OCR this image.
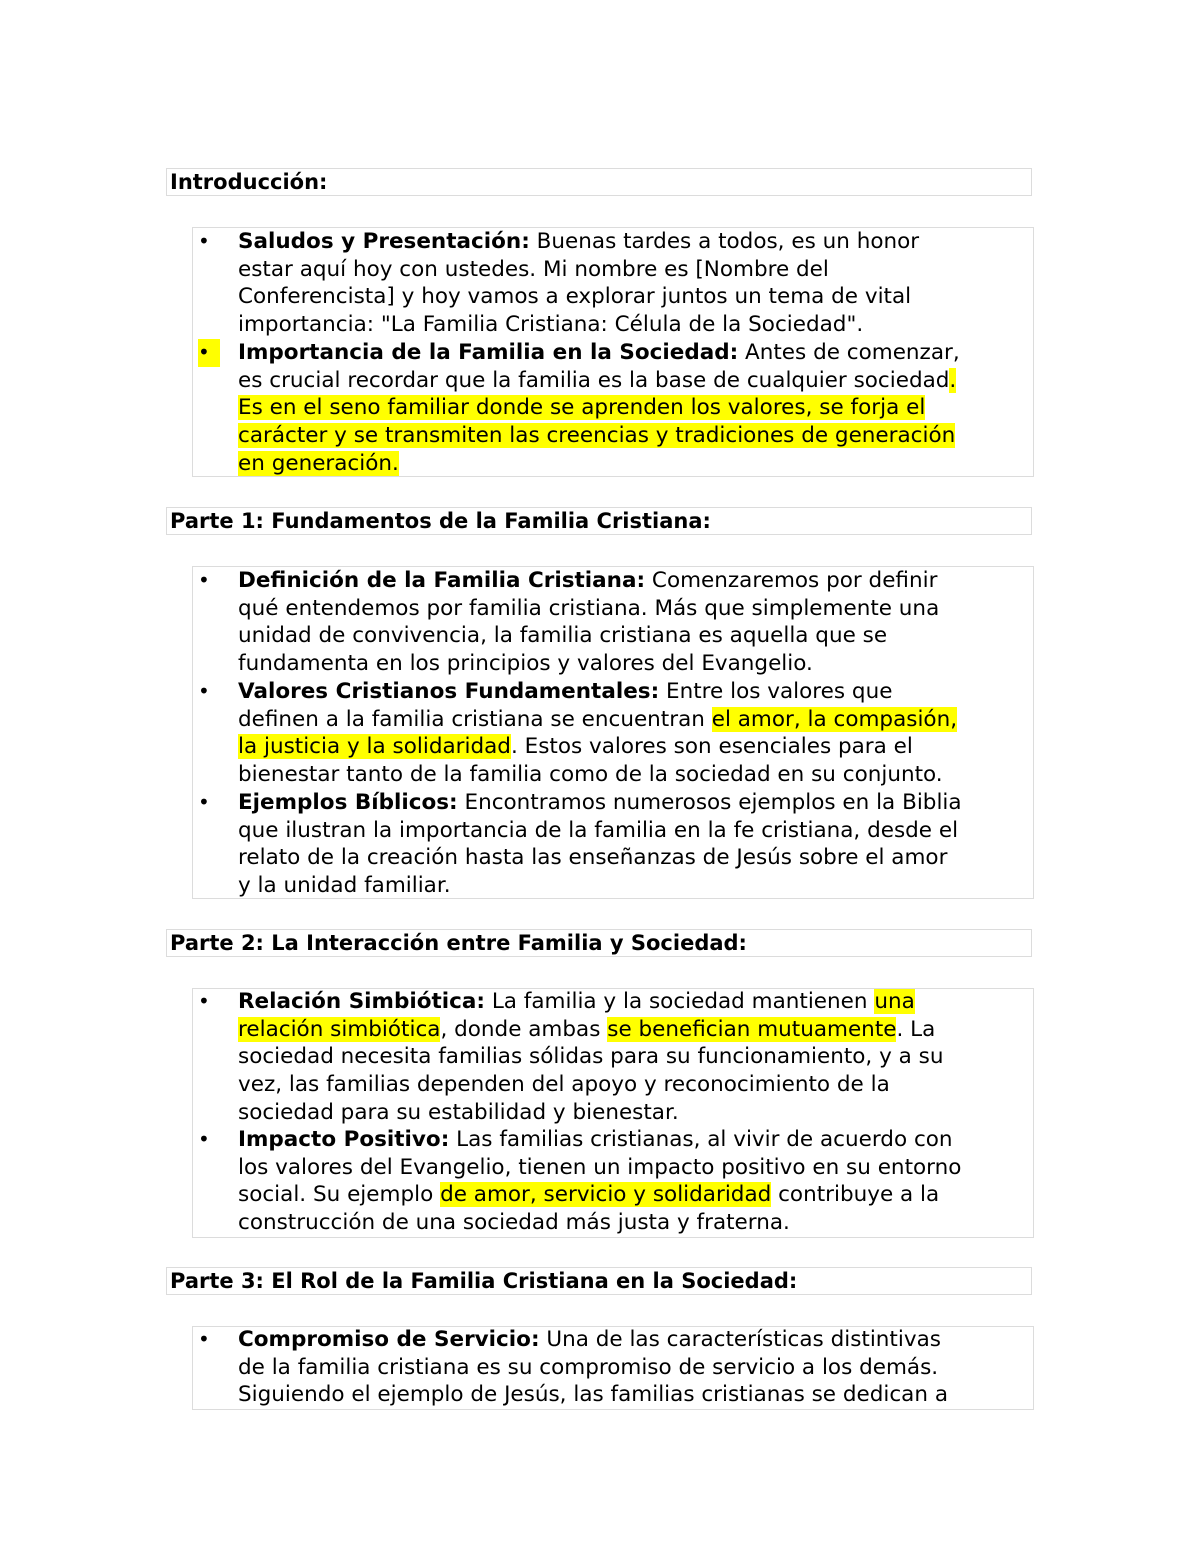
Introducción:
•	Saludos y Presentación: Buenas tardes a todos, es un honor
estar aquí hoy con ustedes. Mi nombre es [Nombre del
Conferencista] y hoy vamos a explorar juntos un tema de vital
importancia: "La Familia Cristiana: Célula de la Sociedad".
•	Importancia de la Familia en la Sociedad: Antes de comenzar,
es crucial recordar que la familia es la base de cualquier sociedad.
Es en el seno familiar donde se aprenden los valores, se forja el
carácter y se transmiten las creencias y tradiciones de generación
en generación.
Parte 1: Fundamentos de la Familia Cristiana:
•	Definición de la Familia Cristiana: Comenzaremos por definir
qué entendemos por familia cristiana. Más que simplemente una
unidad de convivencia, la familia cristiana es aquella que se
fundamenta en los principios y valores del Evangelio.
•	Valores Cristianos Fundamentales: Entre los valores que
definen a la familia cristiana se encuentran el amor, la compasión,
la justicia y la solidaridad. Estos valores son esenciales para el
bienestar tanto de la familia como de la sociedad en su conjunto.
•	Ejemplos Bíblicos: Encontramos numerosos ejemplos en la Biblia
que ilustran la importancia de la familia en la fe cristiana, desde el
relato de la creación hasta las enseñanzas de Jesús sobre el amor
y la unidad familiar.
Parte 2: La Interacción entre Familia y Sociedad:
•	Relación Simbiótica: La familia y la sociedad mantienen una
relación simbiótica, donde ambas se benefician mutuamente. La
sociedad necesita familias sólidas para su funcionamiento, y a su
vez, las familias dependen del apoyo y reconocimiento de la
sociedad para su estabilidad y bienestar.
•	Impacto Positivo: Las familias cristianas, al vivir de acuerdo con
los valores del Evangelio, tienen un impacto positivo en su entorno
social. Su ejemplo de amor, servicio y solidaridad contribuye a la
construcción de una sociedad más justa y fraterna.
Parte 3: El Rol de la Familia Cristiana en la Sociedad:
•	Compromiso de Servicio: Una de las características distintivas
de la familia cristiana es su compromiso de servicio a los demás.
Siguiendo el ejemplo de Jesús, las familias cristianas se dedican a
